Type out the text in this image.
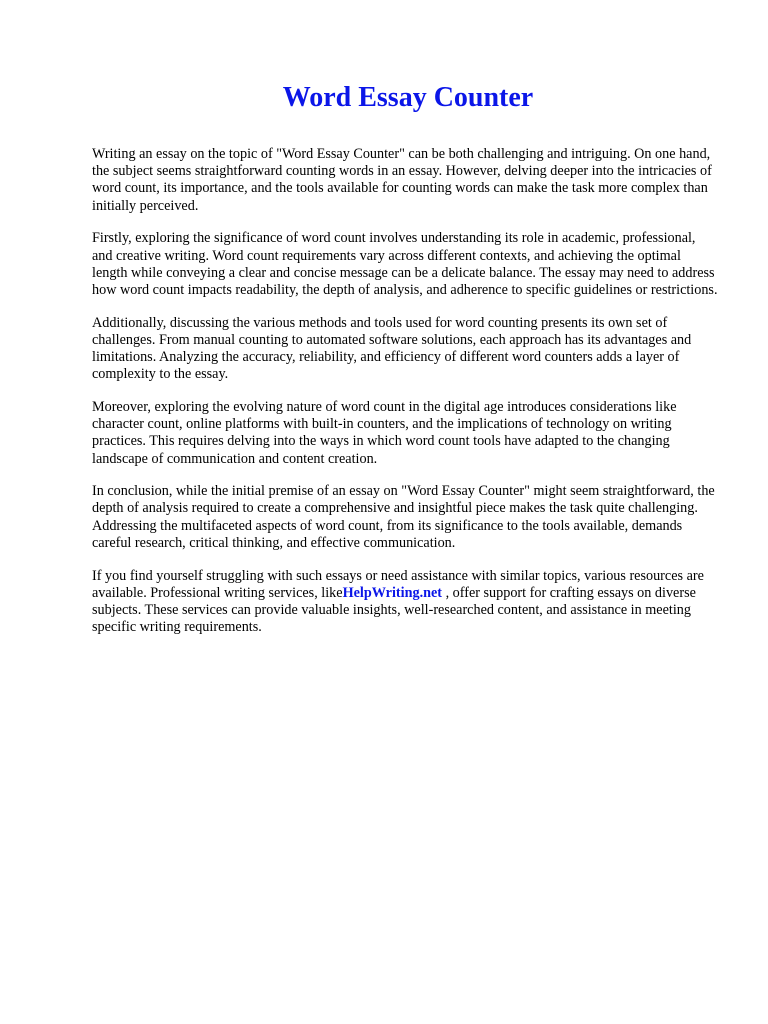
Word Essay Counter

Writing an essay on the topic of "Word Essay Counter" can be both challenging and intriguing. On one hand, the subject seems straightforward counting words in an essay. However, delving deeper into the intricacies of word count, its importance, and the tools available for counting words can make the task more complex than initially perceived.

Firstly, exploring the significance of word count involves understanding its role in academic, professional, and creative writing. Word count requirements vary across different contexts, and achieving the optimal length while conveying a clear and concise message can be a delicate balance. The essay may need to address how word count impacts readability, the depth of analysis, and adherence to specific guidelines or restrictions.

Additionally, discussing the various methods and tools used for word counting presents its own set of challenges. From manual counting to automated software solutions, each approach has its advantages and limitations. Analyzing the accuracy, reliability, and efficiency of different word counters adds a layer of complexity to the essay.

Moreover, exploring the evolving nature of word count in the digital age introduces considerations like character count, online platforms with built-in counters, and the implications of technology on writing practices. This requires delving into the ways in which word count tools have adapted to the changing landscape of communication and content creation.

In conclusion, while the initial premise of an essay on "Word Essay Counter" might seem straightforward, the depth of analysis required to create a comprehensive and insightful piece makes the task quite challenging. Addressing the multifaceted aspects of word count, from its significance to the tools available, demands careful research, critical thinking, and effective communication.

If you find yourself struggling with such essays or need assistance with similar topics, various resources are available. Professional writing services, likeHelpWriting.net , offer support for crafting essays on diverse subjects. These services can provide valuable insights, well-researched content, and assistance in meeting specific writing requirements.
